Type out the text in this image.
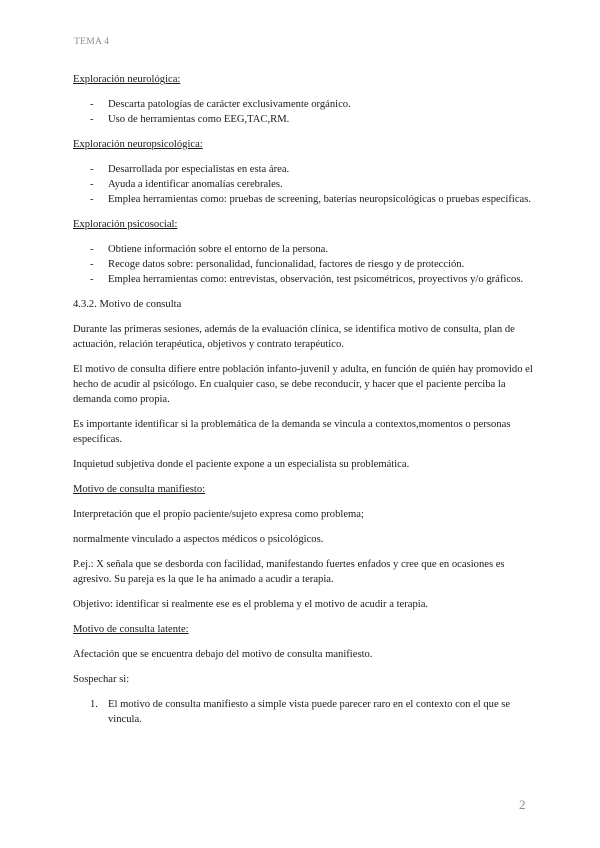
TEMA 4
Exploración neurológica:
- Descarta patologías de carácter exclusivamente orgánico.
- Uso de herramientas como EEG,TAC,RM.
Exploración neuropsicológica:
- Desarrollada por especialistas en esta área.
- Ayuda a identificar anomalías cerebrales.
- Emplea herramientas como: pruebas de screening, baterías neuropsicológicas o pruebas específicas.
Exploración psicosocial:
- Obtiene información sobre el entorno de la persona.
- Recoge datos sobre: personalidad, funcionalidad, factores de riesgo y de protección.
- Emplea herramientas como: entrevistas, observación, test psicométricos, proyectivos y/o gráficos.
4.3.2. Motivo de consulta

Durante las primeras sesiones, además de la evaluación clínica, se identifica motivo de consulta, plan de actuación, relación terapéutica, objetivos y contrato terapéutico.

El motivo de consulta difiere entre población infanto-juvenil y adulta, en función de quién hay promovido el hecho de acudir al psicólogo. En cualquier caso, se debe reconducir, y hacer que el paciente perciba la demanda como propia.

Es importante identificar si la problemática de la demanda se vincula a contextos,momentos o personas específicas.

Inquietud subjetiva donde el paciente expone a un especialista su problemática.

Motivo de consulta manifiesto:

Interpretación que el propio paciente/sujeto expresa como problema;

normalmente vinculado a aspectos médicos o psicológicos.

P.ej.: X señala que se desborda con facilidad, manifestando fuertes enfados y cree que en ocasiones es agresivo. Su pareja es la que le ha animado a acudir a terapia.

Objetivo: identificar si realmente ese es el problema y el motivo de acudir a terapia.

Motivo de consulta latente:

Afectación que se encuentra debajo del motivo de consulta manifiesto.

Sospechar si:

1. El motivo de consulta manifiesto a simple vista puede parecer raro en el contexto con el que se vincula.
2
